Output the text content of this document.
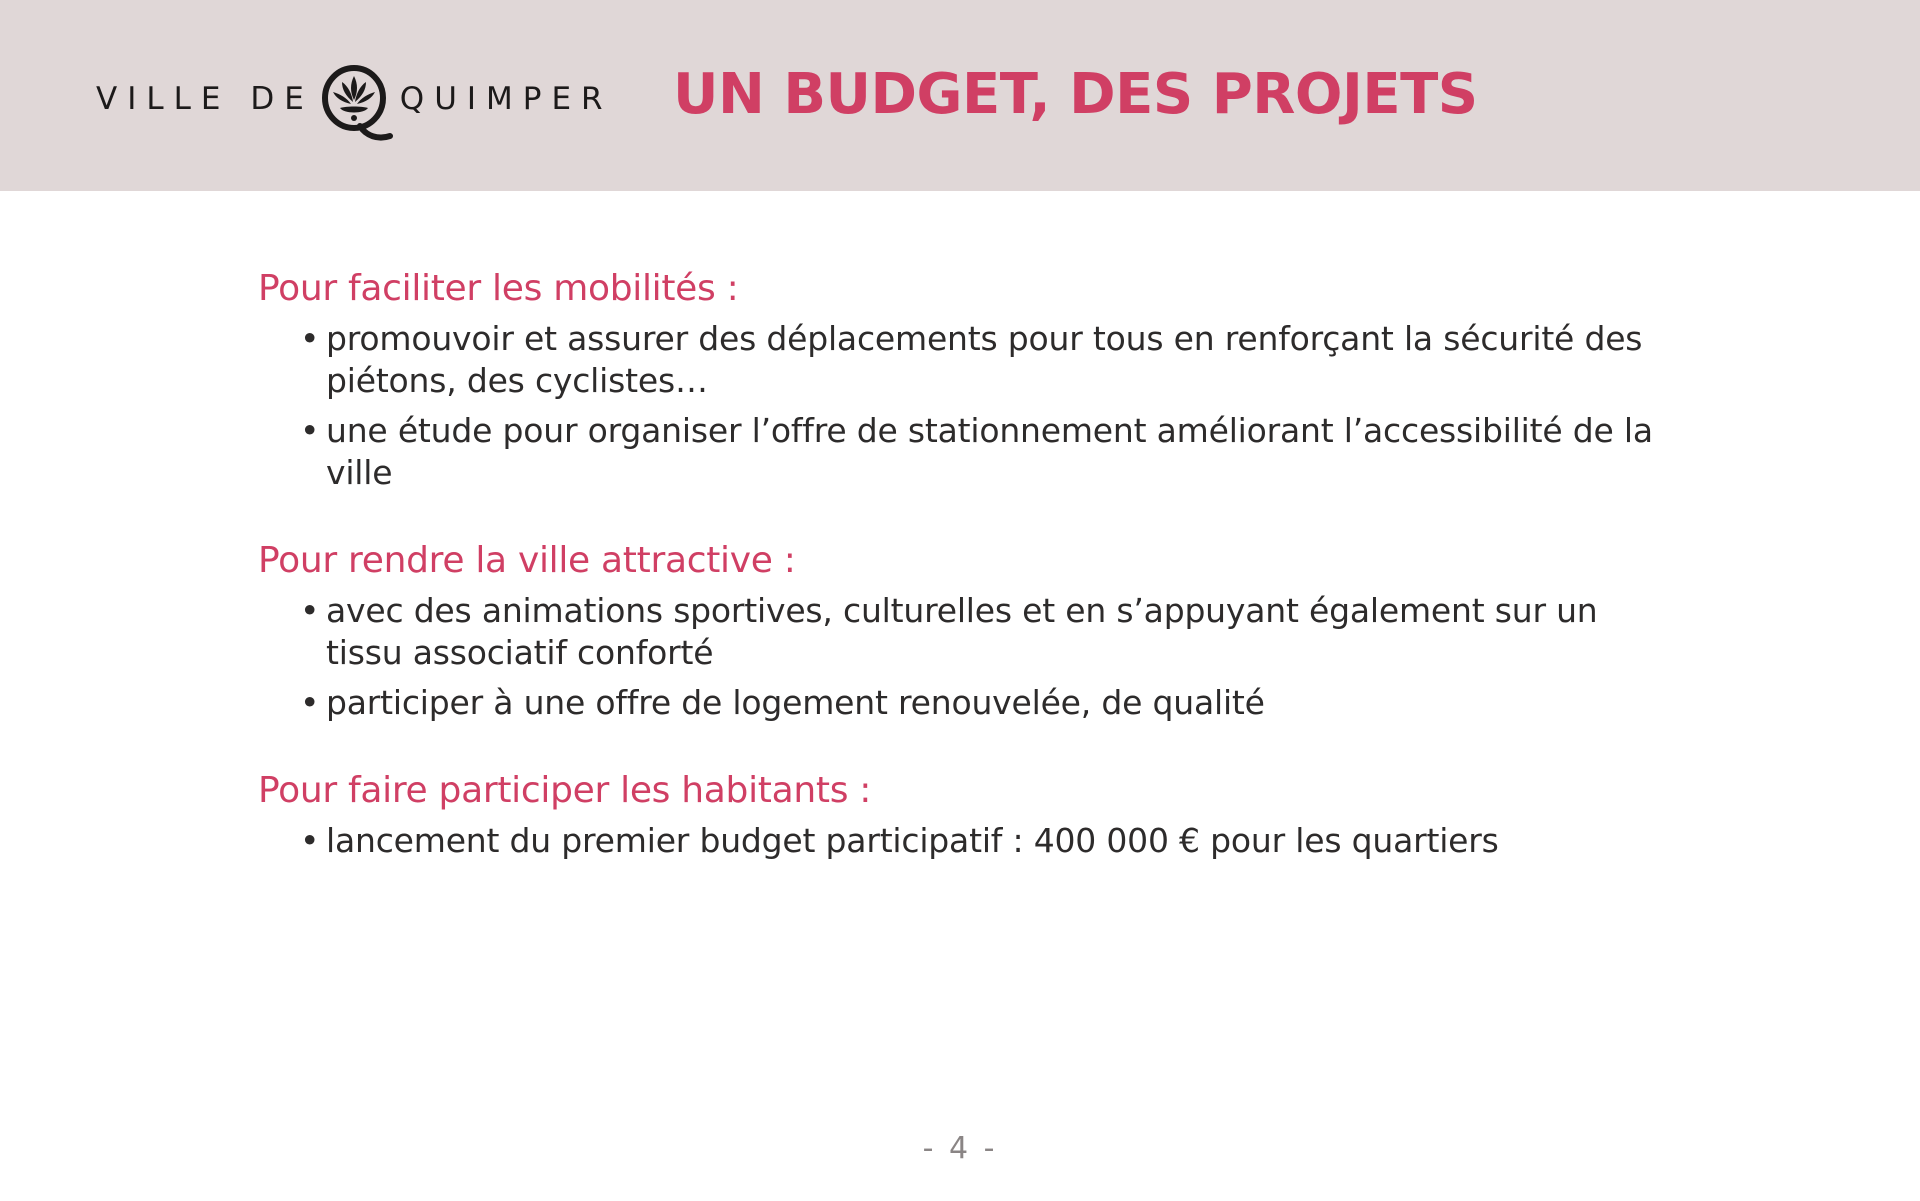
VILLE DE	QUIMPER UN BUDGET, DES PROJETS
Pour faciliter les mobilités :
• promouvoir et assurer des déplacements pour tous en renforçant la sécurité des piétons, des cyclistes…
• une étude pour organiser l’offre de stationnement améliorant l’accessibilité de la ville
Pour rendre la ville attractive :
• avec des animations sportives, culturelles et en s’appuyant également sur un tissu associatif conforté
• participer à une offre de logement renouvelée, de qualité
Pour faire participer les habitants :
• lancement du premier budget participatif : 400 000 € pour les quartiers
- 4 -
